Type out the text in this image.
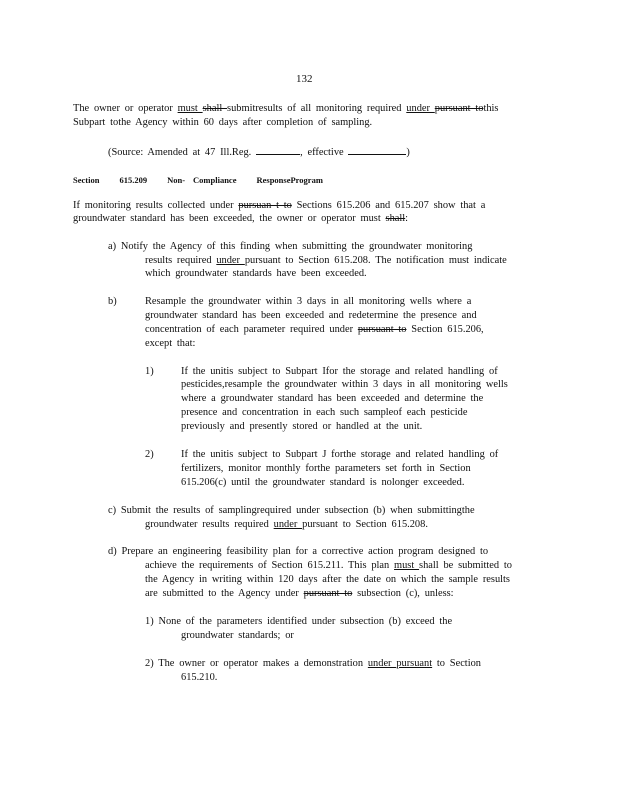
132
The owner or operator must shall submitresults of all monitoring required under pursuant tothis
Subpart tothe Agency within 60 days after completion of sampling.
(Source: Amended at 47 Ill.Reg.	, effective	)
Section 615.209 Non- Compliance ResponseProgram
If monitoring results collected under pursuan t to Sections 615.206 and 615.207 show that a
groundwater standard has been exceeded, the owner or operator must shall:
a) Notify the Agency of this finding when submitting the groundwater monitoring
results required under pursuant to Section 615.208. The notification must indicate
which groundwater standards have been exceeded.
b)	Resample the groundwater within 3 days in all monitoring wells where a
groundwater standard has been exceeded and redetermine the presence and
concentration of each parameter required under pursuant to Section 615.206,
except that:
1)	If the unitis subject to Subpart Ifor the storage and related handling of
pesticides,resample the groundwater within 3 days in all monitoring wells
where a groundwater standard has been exceeded and determine the
presence and concentration in each such sampleof each pesticide
previously and presently stored or handled at the unit.
2)	If the unitis subject to Subpart J forthe storage and related handling of
fertilizers, monitor monthly forthe parameters set forth in Section
615.206(c) until the groundwater standard is nolonger exceeded.
c) Submit the results of samplingrequired under subsection (b) when submittingthe
groundwater results required under pursuant to Section 615.208.
d) Prepare an engineering feasibility plan for a corrective action program designed to
achieve the requirements of Section 615.211. This plan must shall be submitted to
the Agency in writing within 120 days after the date on which the sample results
are submitted to the Agency under pursuant to subsection (c), unless:
1) None of the parameters identified under subsection (b) exceed the
groundwater standards; or
2) The owner or operator makes a demonstration under pursuant to Section
615.210.
